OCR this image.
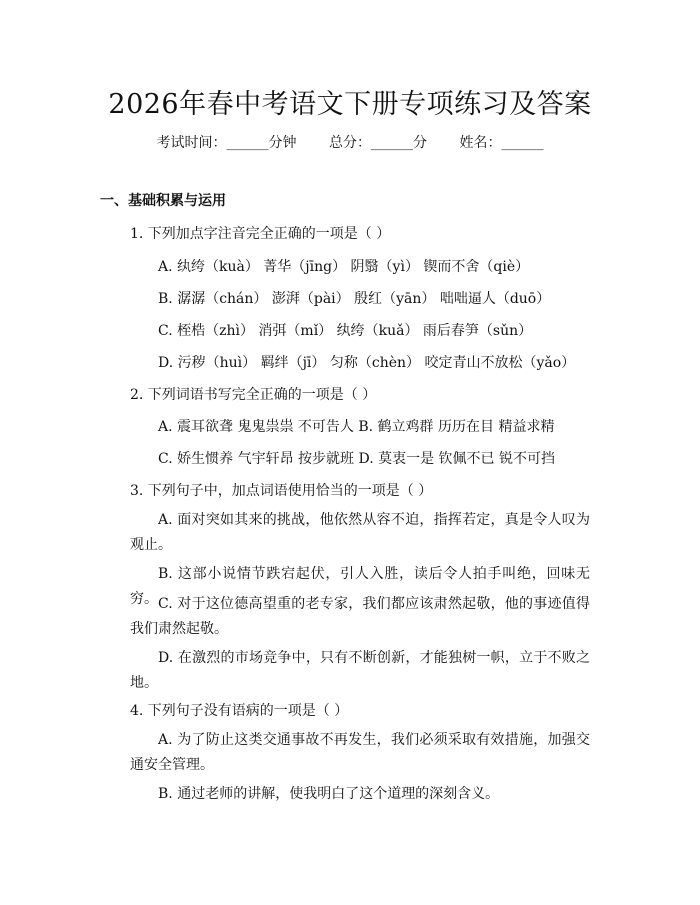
2026年春中考语文下册专项练习及答案
考试时间：______分钟 总分：______分 姓名：______
一、基础积累与运用
1. 下列加点字注音完全正确的一项是（ ）
A. 纨绔（kuà） 菁华（jīng） 阴翳（yì） 锲而不舍（qiè）
B. 潺潺（chán） 澎湃（pài） 殷红（yān） 咄咄逼人（duō）
C. 桎梏（zhì） 消弭（mǐ） 纨绔（kuǎ） 雨后春笋（sǔn）
D. 污秽（huì） 羁绊（jī） 匀称（chèn） 咬定青山不放松（yǎo）
2. 下列词语书写完全正确的一项是（ ）
A. 震耳欲聋 鬼鬼祟祟 不可告人 B. 鹤立鸡群 历历在目 精益求精
C. 娇生惯养 气宇轩昂 按步就班 D. 莫衷一是 钦佩不已 锐不可挡
3. 下列句子中，加点词语使用恰当的一项是（ ）
A. 面对突如其来的挑战，他依然从容不迫，指挥若定，真是令人叹为观止。
B. 这部小说情节跌宕起伏，引人入胜，读后令人拍手叫绝，回味无穷。 C. 对于这位德高望重的老专家，我们都应该肃然起敬，他的事迹值得我们肃然起敬。
D. 在激烈的市场竞争中，只有不断创新，才能独树一帜，立于不败之地。
4. 下列句子没有语病的一项是（ ）
A. 为了防止这类交通事故不再发生，我们必须采取有效措施，加强交通安全管理。
B. 通过老师的讲解，使我明白了这个道理的深刻含义。
